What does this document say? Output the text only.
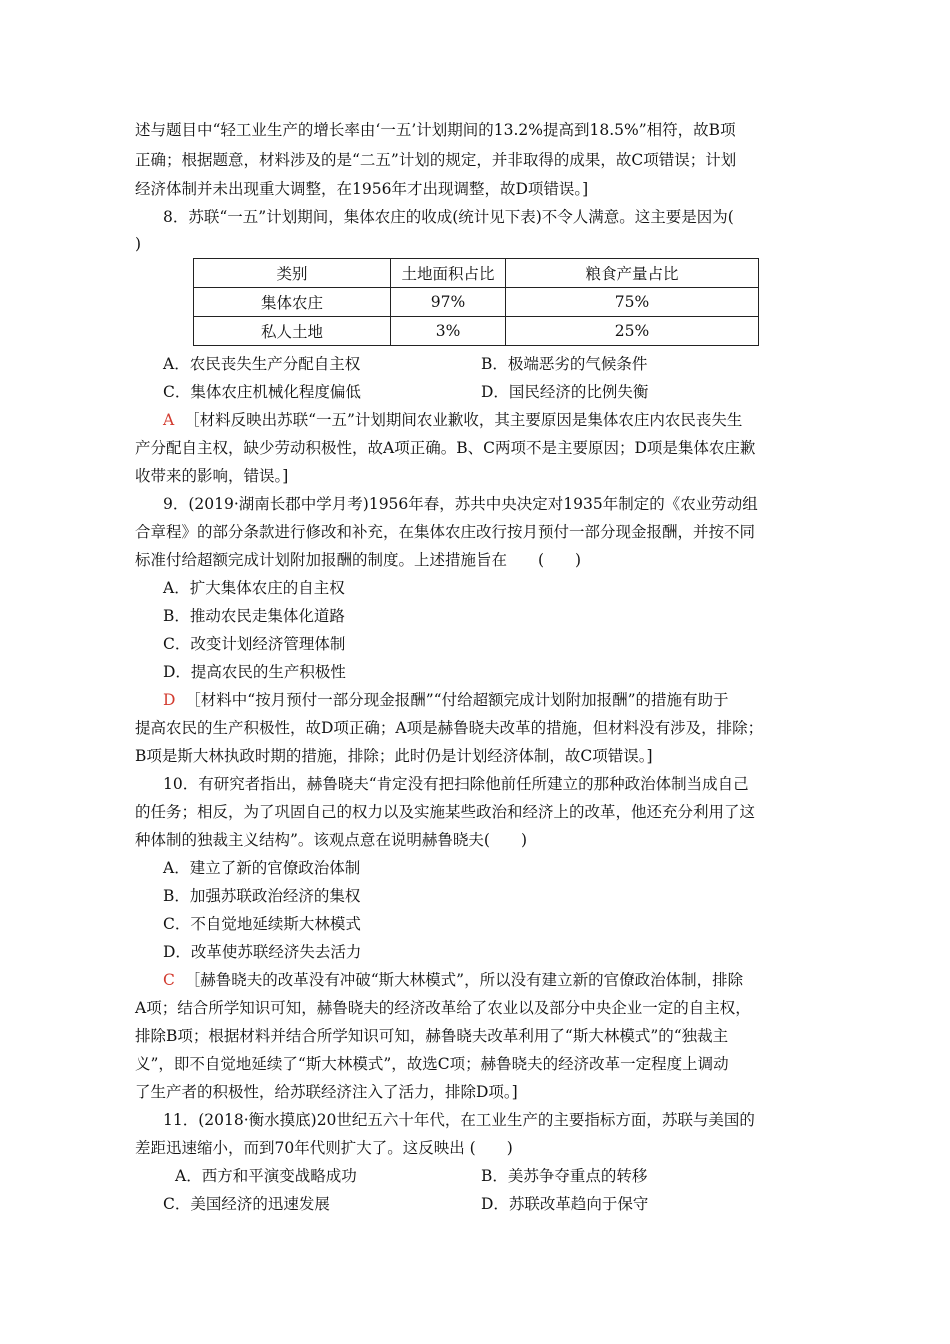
述与题目中“轻工业生产的增长率由‘一五’计划期间的13.2%提高到18.5%”相符，故B项
正确；根据题意，材料涉及的是“二五”计划的规定，并非取得的成果，故C项错误；计划
经济体制并未出现重大调整，在1956年才出现调整，故D项错误。]
8．苏联“一五”计划期间，集体农庄的收成(统计见下表)不令人满意。这主要是因为(
)
类别	土地面积占比	粮食产量占比
集体农庄	97%	75%
私人土地	3%	25%
A．农民丧失生产分配自主权	B．极端恶劣的气候条件
C．集体农庄机械化程度偏低	D．国民经济的比例失衡
A ［材料反映出苏联“一五”计划期间农业歉收，其主要原因是集体农庄内农民丧失生
产分配自主权，缺少劳动积极性，故A项正确。B、C两项不是主要原因；D项是集体农庄歉
收带来的影响，错误。]
9．(2019·湖南长郡中学月考)1956年春，苏共中央决定对1935年制定的《农业劳动组
合章程》的部分条款进行修改和补充，在集体农庄改行按月预付一部分现金报酬，并按不同
标准付给超额完成计划附加报酬的制度。上述措施旨在　　(　　)
A．扩大集体农庄的自主权
B．推动农民走集体化道路
C．改变计划经济管理体制
D．提高农民的生产积极性
D ［材料中“按月预付一部分现金报酬”“付给超额完成计划附加报酬”的措施有助于
提高农民的生产积极性，故D项正确；A项是赫鲁晓夫改革的措施，但材料没有涉及，排除；
B项是斯大林执政时期的措施，排除；此时仍是计划经济体制，故C项错误。]
10．有研究者指出，赫鲁晓夫“肯定没有把扫除他前任所建立的那种政治体制当成自己
的任务；相反，为了巩固自己的权力以及实施某些政治和经济上的改革，他还充分利用了这
种体制的独裁主义结构”。该观点意在说明赫鲁晓夫(　　)
A．建立了新的官僚政治体制
B．加强苏联政治经济的集权
C．不自觉地延续斯大林模式
D．改革使苏联经济失去活力
C ［赫鲁晓夫的改革没有冲破“斯大林模式”，所以没有建立新的官僚政治体制，排除
A项；结合所学知识可知，赫鲁晓夫的经济改革给了农业以及部分中央企业一定的自主权，
排除B项；根据材料并结合所学知识可知，赫鲁晓夫改革利用了“斯大林模式”的“独裁主
义”，即不自觉地延续了“斯大林模式”，故选C项；赫鲁晓夫的经济改革一定程度上调动
了生产者的积极性，给苏联经济注入了活力，排除D项。]
11．(2018·衡水摸底)20世纪五六十年代，在工业生产的主要指标方面，苏联与美国的
差距迅速缩小，而到70年代则扩大了。这反映出 (　　)
A．西方和平演变战略成功	B．美苏争夺重点的转移
C．美国经济的迅速发展	D．苏联改革趋向于保守
